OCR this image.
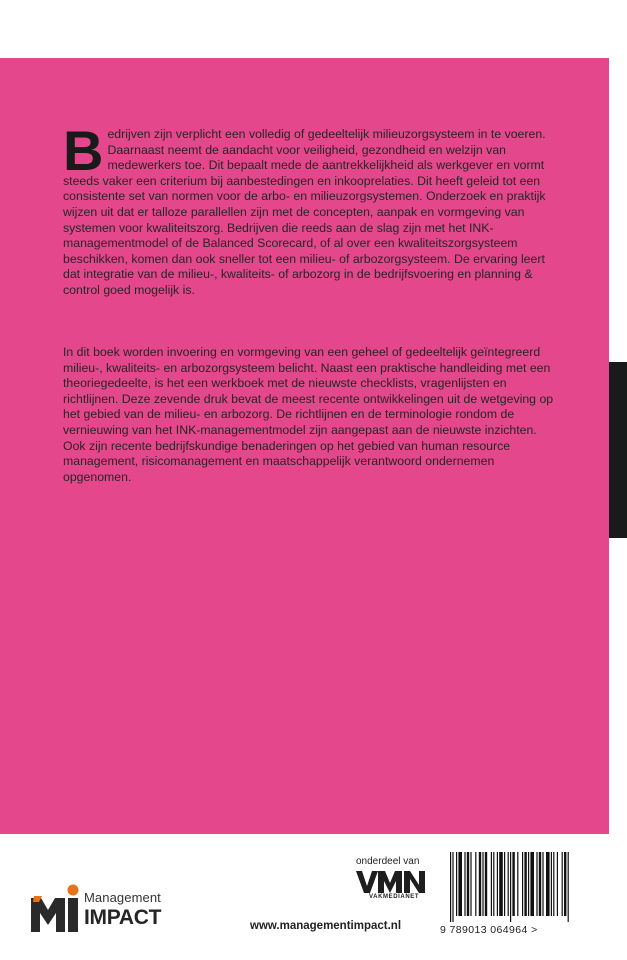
Bedrijven zijn verplicht een volledig of gedeeltelijk milieuzorgsysteem in te voeren. Daarnaast neemt de aandacht voor veiligheid, gezondheid en welzijn van medewerkers toe. Dit bepaalt mede de aantrekkelijkheid als werkgever en vormt steeds vaker een criterium bij aanbestedingen en inkooprelaties. Dit heeft geleid tot een consistente set van normen voor de arbo- en milieuzorgsystemen. Onderzoek en praktijk wijzen uit dat er talloze parallellen zijn met de concepten, aanpak en vormgeving van systemen voor kwaliteitszorg. Bedrijven die reeds aan de slag zijn met het INK-managementmodel of de Balanced Scorecard, of al over een kwaliteitszorgsysteem beschikken, komen dan ook sneller tot een milieu- of arbozorgsysteem. De ervaring leert dat integratie van de milieu-, kwaliteits- of arbozorg in de bedrijfsvoering en planning & control goed mogelijk is.
In dit boek worden invoering en vormgeving van een geheel of gedeeltelijk geïntegreerd milieu-, kwaliteits- en arbozorgsysteem belicht. Naast een praktische handleiding met een theoriegedeelte, is het een werkboek met de nieuwste checklists, vragenlijsten en richtlijnen. Deze zevende druk bevat de meest recente ontwikkelingen uit de wetgeving op het gebied van de milieu- en arbozorg. De richtlijnen en de terminologie rondom de vernieuwing van het INK-managementmodel zijn aangepast aan de nieuwste inzichten. Ook zijn recente bedrijfskundige benaderingen op het gebied van human resource management, risicomanagement en maatschappelijk verantwoord ondernemen opgenomen.
Management
IMPACT
onderdeel van
VAKMEDIANET
www.managementimpact.nl	9 789013 064964 >
